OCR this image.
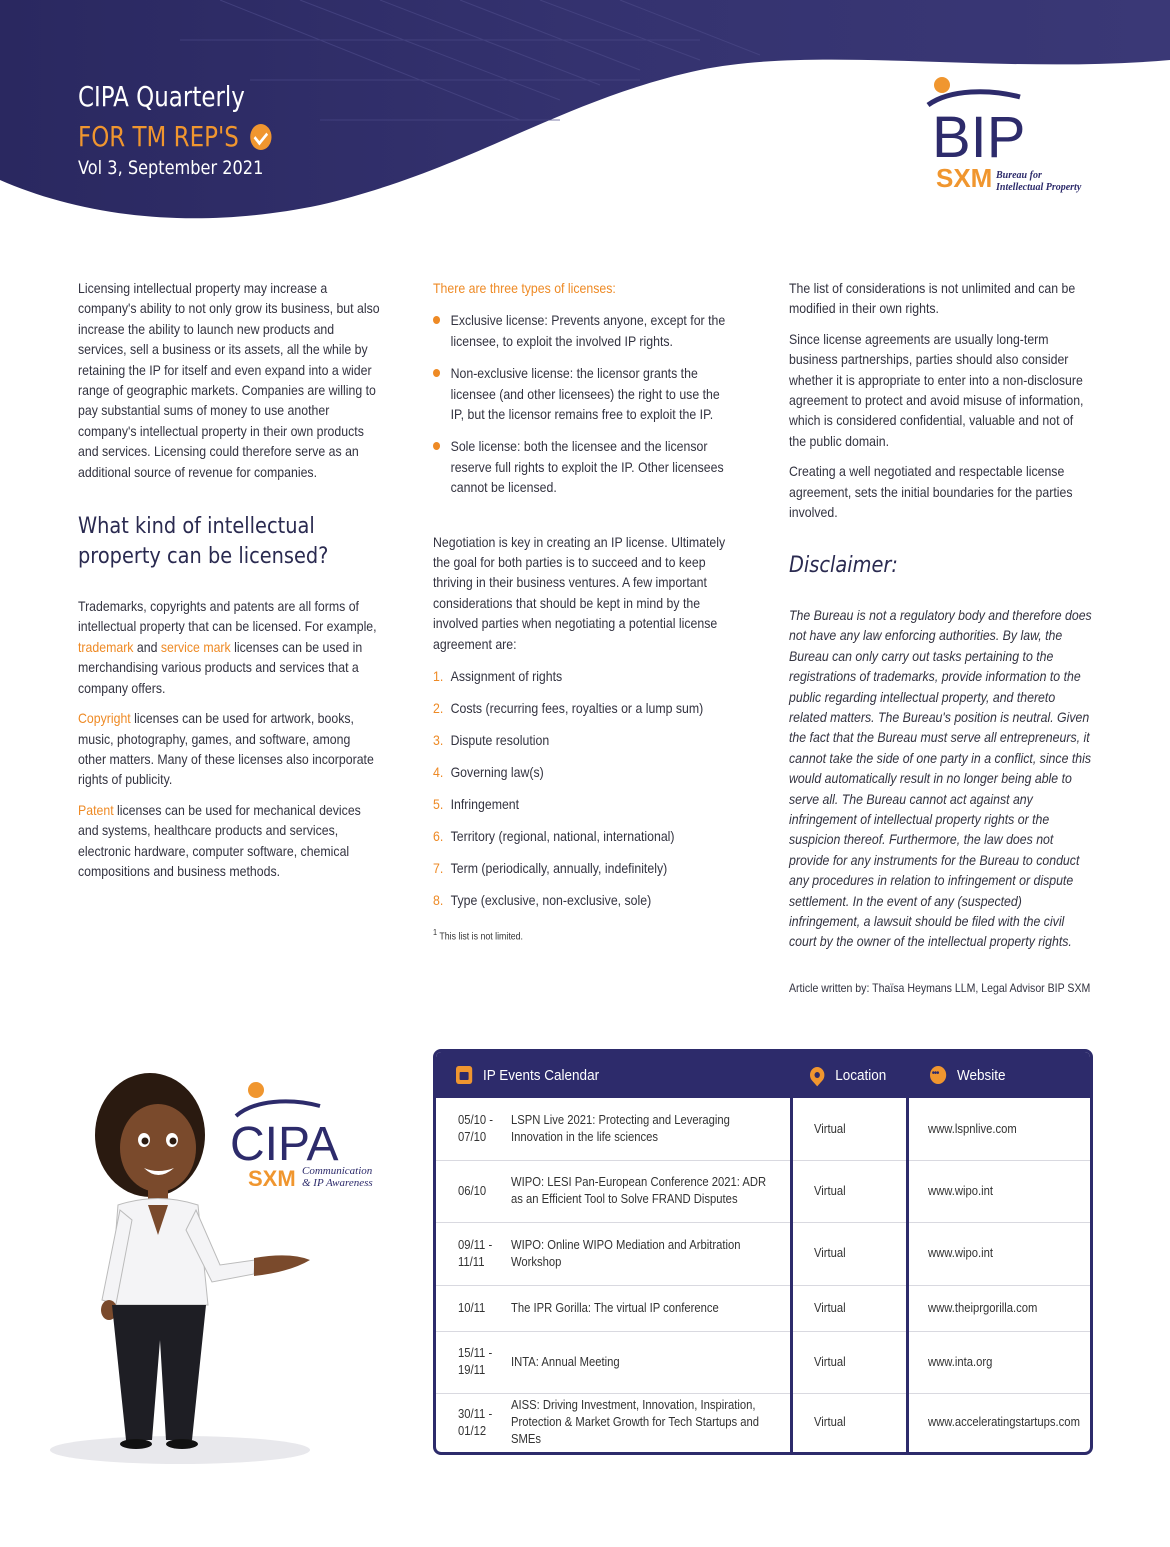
CIPA Quarterly
FOR TM REP'S
Vol 3, September 2021	BIP
SXM Bureau for
Intellectual Property

Licensing intellectual property may increase a company's ability to not only grow its business, but also increase the ability to launch new products and services, sell a business or its assets, all the while by retaining the IP for itself and even expand into a wider range of geographic markets. Companies are willing to pay substantial sums of money to use another company's intellectual property in their own products and services. Licensing could therefore serve as an additional source of revenue for companies.

What kind of intellectual property can be licensed?

Trademarks, copyrights and patents are all forms of intellectual property that can be licensed. For example, trademark and service mark licenses can be used in merchandising various products and services that a company offers.

Copyright licenses can be used for artwork, books, music, photography, games, and software, among other matters. Many of these licenses also incorporate rights of publicity.

Patent licenses can be used for mechanical devices and systems, healthcare products and services, electronic hardware, computer software, chemical compositions and business methods.

There are three types of licenses:
Exclusive license: Prevents anyone, except for the licensee, to exploit the involved IP rights.
Non-exclusive license: the licensor grants the licensee (and other licensees) the right to use the IP, but the licensor remains free to exploit the IP.
Sole license: both the licensee and the licensor reserve full rights to exploit the IP. Other licensees cannot be licensed.

Negotiation is key in creating an IP license. Ultimately the goal for both parties is to succeed and to keep thriving in their business ventures. A few important considerations that should be kept in mind by the involved parties when negotiating a potential license agreement are:

1. Assignment of rights
2. Costs (recurring fees, royalties or a lump sum)
3. Dispute resolution
4. Governing law(s)
5. Infringement
6. Territory (regional, national, international)
7. Term (periodically, annually, indefinitely)
8. Type (exclusive, non-exclusive, sole)
$^1$ This list is not limited.

The list of considerations is not unlimited and can be modified in their own rights.

Since license agreements are usually long-term business partnerships, parties should also consider whether it is appropriate to enter into a non-disclosure agreement to protect and avoid misuse of information, which is considered confidential, valuable and not of the public domain.

Creating a well negotiated and respectable license agreement, sets the initial boundaries for the parties involved.

Disclaimer:

The Bureau is not a regulatory body and therefore does not have any law enforcing authorities. By law, the Bureau can only carry out tasks pertaining to the registrations of trademarks, provide information to the public regarding intellectual property, and thereto related matters. The Bureau's position is neutral. Given the fact that the Bureau must serve all entrepreneurs, it cannot take the side of one party in a conflict, since this would automatically result in no longer being able to serve all. The Bureau cannot act against any infringement of intellectual property rights or the suspicion thereof. Furthermore, the law does not provide for any instruments for the Bureau to conduct any procedures in relation to infringement or dispute settlement. In the event of any (suspected) infringement, a lawsuit should be filed with the civil court by the owner of the intellectual property rights.

Article written by: Thaïsa Heymans LLM, Legal Advisor BIP SXM
CIPA
SXM Communication
& IP Awareness
IP Events Calendar	Location
•••	Website
05/10 - 07/10
LSPN Live 2021: Protecting and Leveraging Innovation in the life sciences
Virtual	www.lspnlive.com
06/10
WIPO: LESI Pan-European Conference 2021: ADR as an Efficient Tool to Solve FRAND Disputes
Virtual	www.wipo.int
09/11 - 11/11
WIPO: Online WIPO Mediation and Arbitration Workshop
Virtual	www.wipo.int
10/11	The IPR Gorilla: The virtual IP conference	Virtual	www.theiprgorilla.com
15/11 - 19/11
INTA: Annual Meeting	Virtual	www.inta.org
30/11 - 01/12
AISS: Driving Investment, Innovation, Inspiration, Protection & Market Growth for Tech Startups and SMEs
Virtual	www.acceleratingstartups.com
